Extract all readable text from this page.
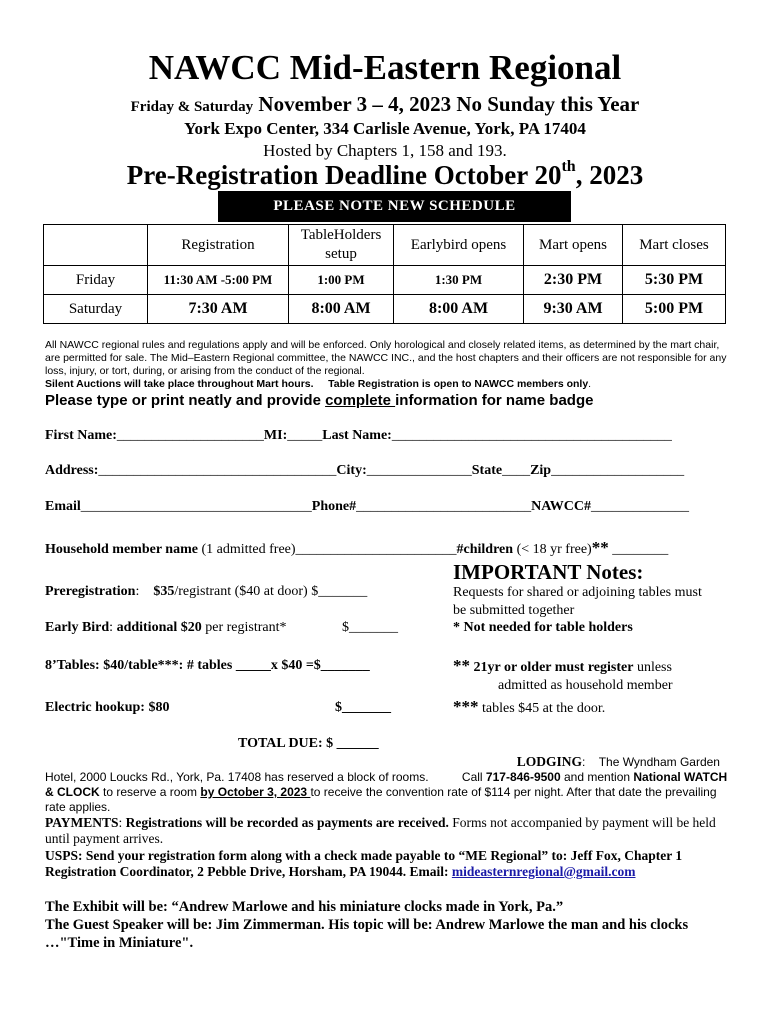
NAWCC Mid-Eastern Regional
Friday & Saturday November 3 – 4, 2023 No Sunday this Year
York Expo Center, 334 Carlisle Avenue, York, PA 17404
Hosted by Chapters 1, 158 and 193.
Pre-Registration Deadline October 20th, 2023
PLEASE NOTE NEW SCHEDULE
	Registration	TableHolders setup	Earlybird opens	Mart opens	Mart closes
Friday	11:30 AM -5:00 PM	1:00 PM	1:30 PM	2:30 PM	5:30 PM
Saturday	7:30 AM	8:00 AM	8:00 AM	9:30 AM	5:00 PM
All NAWCC regional rules and regulations apply and will be enforced. Only horological and closely related items, as determined by the mart chair, are permitted for sale. The Mid–Eastern Regional committee, the NAWCC INC., and the host chapters and their officers are not responsible for any loss, injury, or tort, during, or arising from the conduct of the regional.
Silent Auctions will take place throughout Mart hours. Table Registration is open to NAWCC members only.
Please type or print neatly and provide complete information for name badge
First Name:_____________________MI:_____Last Name:________________________________________
Address:__________________________________City:_______________State____Zip___________________
Email_________________________________Phone#_________________________NAWCC#______________
Household member name (1 admitted free)_______________________#children (< 18 yr free)** ________
Preregistration: $35/registrant ($40 at door) $_______
Early Bird: additional $20 per registrant*	$_______
8’Tables: $40/table***: # tables _____x $40 =$_______
Electric hookup: $80	$_______
TOTAL DUE: $ ______
IMPORTANT Notes:
Requests for shared or adjoining tables must
be submitted together
* Not needed for table holders
** 21yr or older must register unless
admitted as household member
*** tables $45 at the door.
LODGING: The Wyndham Garden
Hotel, 2000 Loucks Rd., York, Pa. 17408 has reserved a block of rooms.	Call 717-846-9500 and mention National WATCH & CLOCK to reserve a room by October 3, 2023 to receive the convention rate of $114 per night. After that date the prevailing rate applies.
PAYMENTS: Registrations will be recorded as payments are received. Forms not accompanied by payment will be held until payment arrives.
USPS: Send your registration form along with a check made payable to “ME Regional” to: Jeff Fox, Chapter 1 Registration Coordinator, 2 Pebble Drive, Horsham, PA 19044. Email: mideasternregional@gmail.com
The Exhibit will be: “Andrew Marlowe and his miniature clocks made in York, Pa.”
The Guest Speaker will be: Jim Zimmerman. His topic will be: Andrew Marlowe the man and his clocks …"Time in Miniature".
